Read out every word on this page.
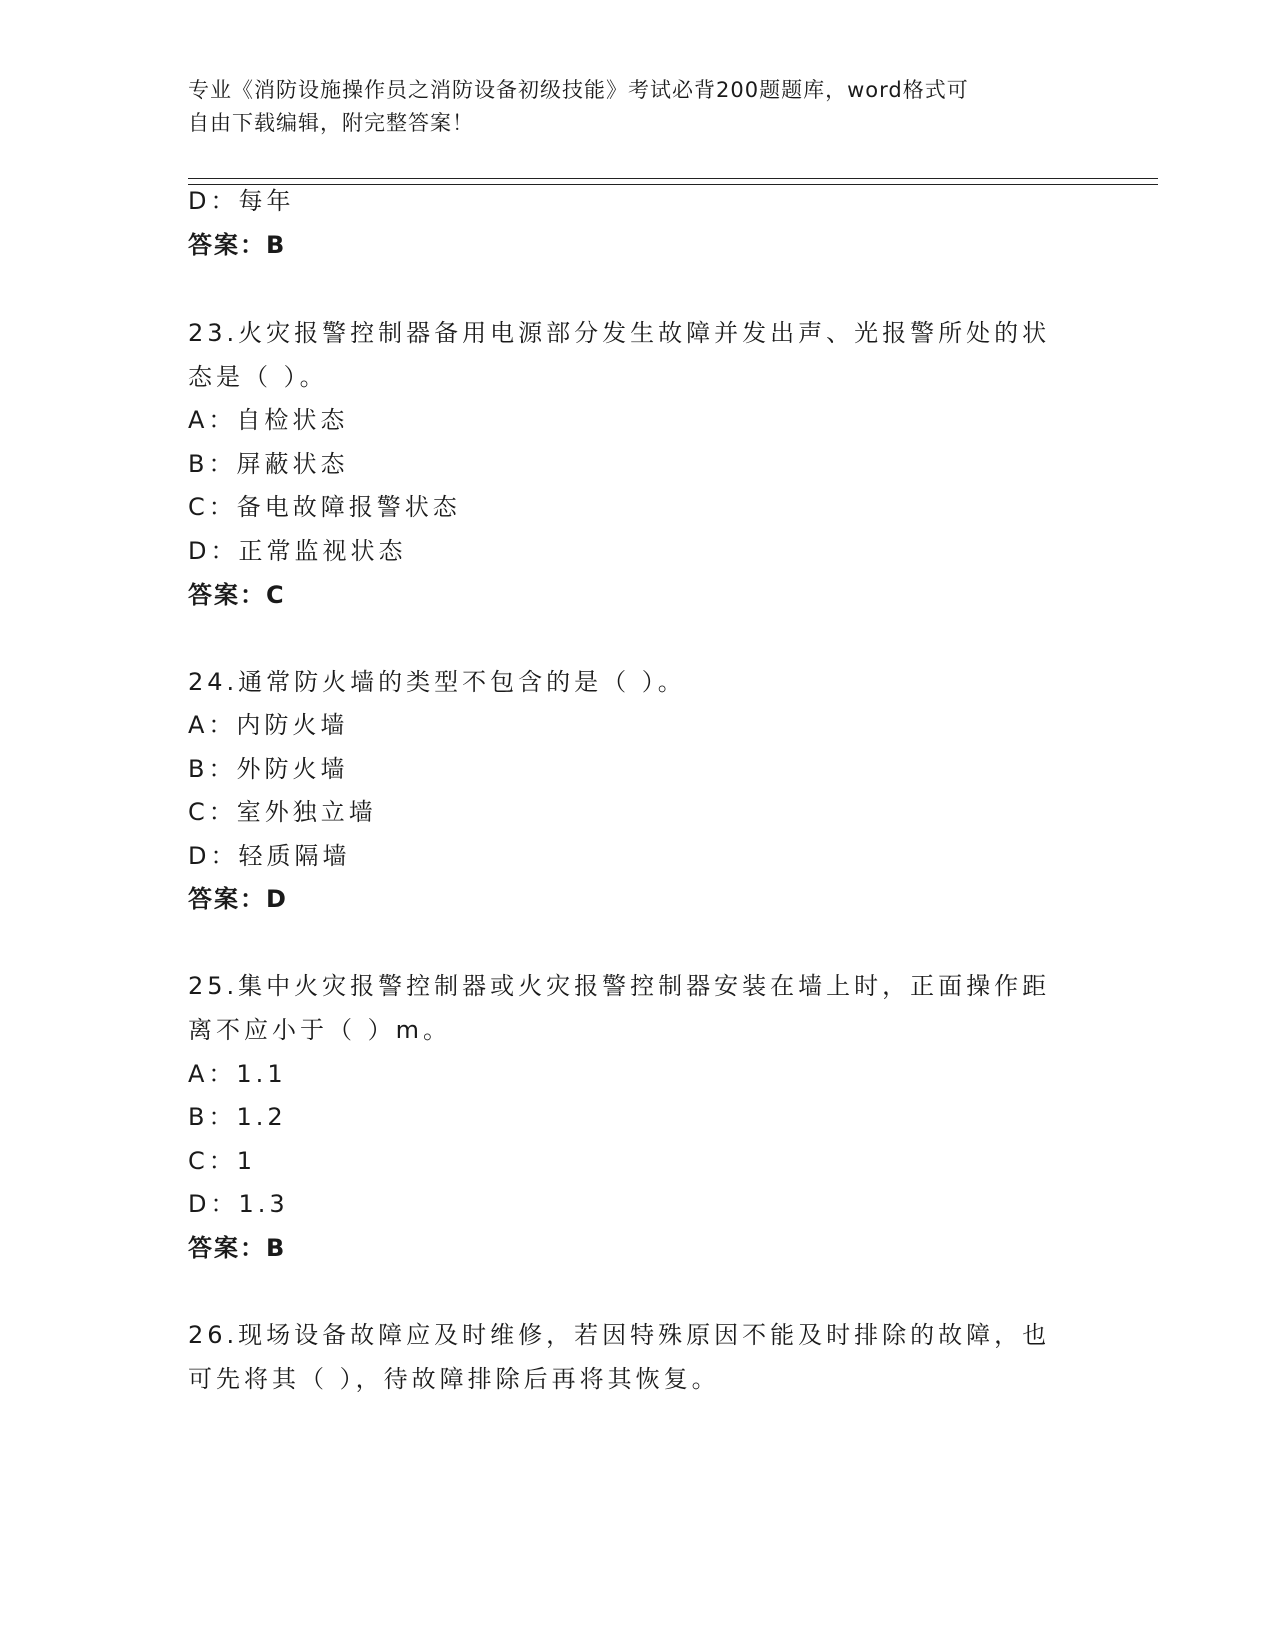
专业《消防设施操作员之消防设备初级技能》考试必背200题题库，word格式可
自由下载编辑，附完整答案！
D：每年
答案：B
23.火灾报警控制器备用电源部分发生故障并发出声、光报警所处的状
态是（ ）。
A：自检状态
B：屏蔽状态
C：备电故障报警状态
D：正常监视状态
答案：C
24.通常防火墙的类型不包含的是（ ）。
A：内防火墙
B：外防火墙
C：室外独立墙
D：轻质隔墙
答案：D
25.集中火灾报警控制器或火灾报警控制器安装在墙上时，正面操作距
离不应小于（ ）m。
A：1.1
B：1.2
C：1
D：1.3
答案：B
26.现场设备故障应及时维修，若因特殊原因不能及时排除的故障，也
可先将其（ ），待故障排除后再将其恢复。
